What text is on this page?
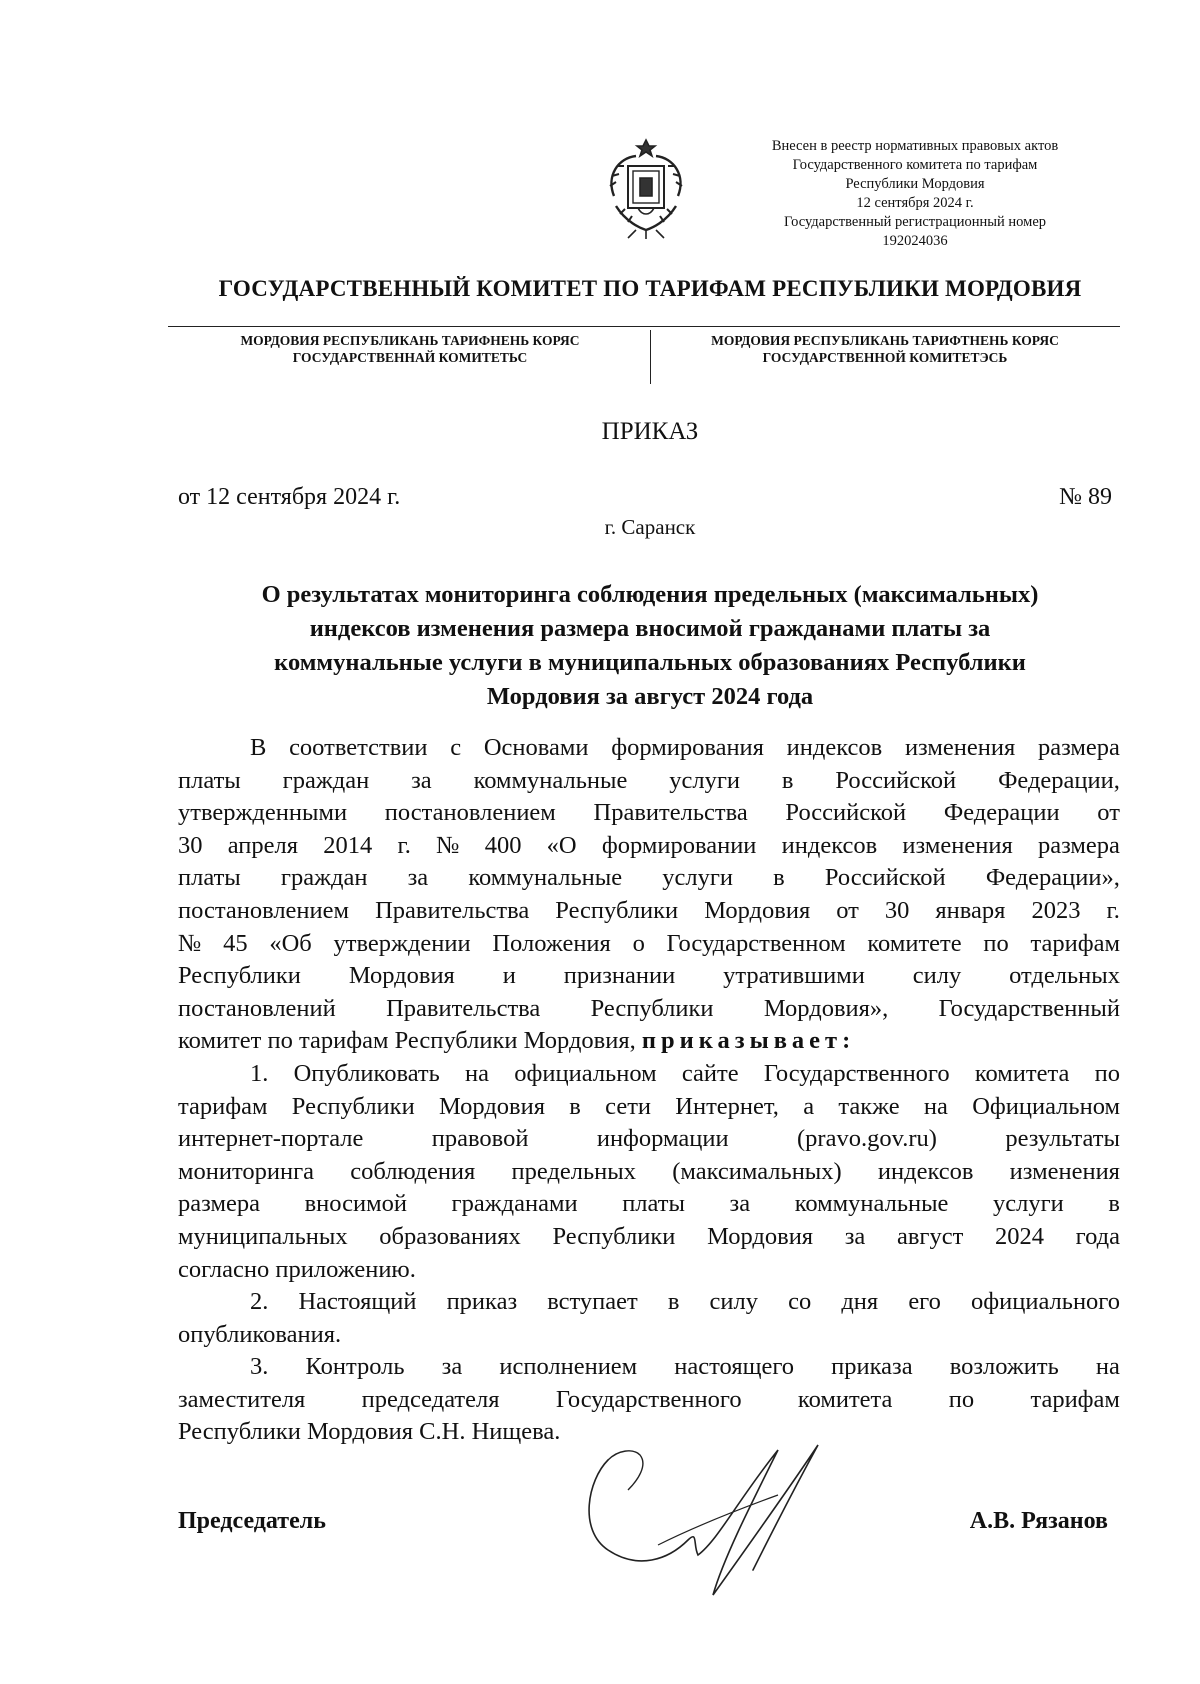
Внесен в реестр нормативных правовых актов
Государственного комитета по тарифам
Республики Мордовия
12 сентября 2024 г.
Государственный регистрационный номер
192024036
ГОСУДАРСТВЕННЫЙ КОМИТЕТ ПО ТАРИФАМ РЕСПУБЛИКИ МОРДОВИЯ
МОРДОВИЯ РЕСПУБЛИКАНЬ ТАРИФНЕНЬ КОРЯС
ГОСУДАРСТВЕННАЙ КОМИТЕТЬС
МОРДОВИЯ РЕСПУБЛИКАНЬ ТАРИФТНЕНЬ КОРЯС
ГОСУДАРСТВЕННОЙ КОМИТЕТЭСЬ
ПРИКАЗ
от 12 сентября 2024 г.	№ 89
г. Саранск
О результатах мониторинга соблюдения предельных (максимальных)
индексов изменения размера вносимой гражданами платы за
коммунальные услуги в муниципальных образованиях Республики
Мордовия за август 2024 года
В соответствии с Основами формирования индексов изменения размера
платы граждан за коммунальные услуги в Российской Федерации,
утвержденными постановлением Правительства Российской Федерации от
30 апреля 2014 г. № 400 «О формировании индексов изменения размера
платы граждан за коммунальные услуги в Российской Федерации»,
постановлением Правительства Республики Мордовия от 30 января 2023 г.
№ 45 «Об утверждении Положения о Государственном комитете по тарифам
Республики Мордовия и признании утратившими силу отдельных
постановлений Правительства Республики Мордовия», Государственный
комитет по тарифам Республики Мордовия, приказывает:
1. Опубликовать на официальном сайте Государственного комитета по
тарифам Республики Мордовия в сети Интернет, а также на Официальном
интернет-портале	правовой	информации	(pravo.gov.ru)	результаты
мониторинга соблюдения предельных (максимальных) индексов изменения
размера вносимой гражданами платы за коммунальные услуги в
муниципальных образованиях Республики Мордовия за август 2024 года
согласно приложению.
2. Настоящий приказ вступает в силу со дня его официального
опубликования.
3. Контроль за исполнением настоящего приказа возложить на
заместителя председателя Государственного комитета по тарифам
Республики Мордовия С.Н. Нищева.
Председатель	А.В. Рязанов
